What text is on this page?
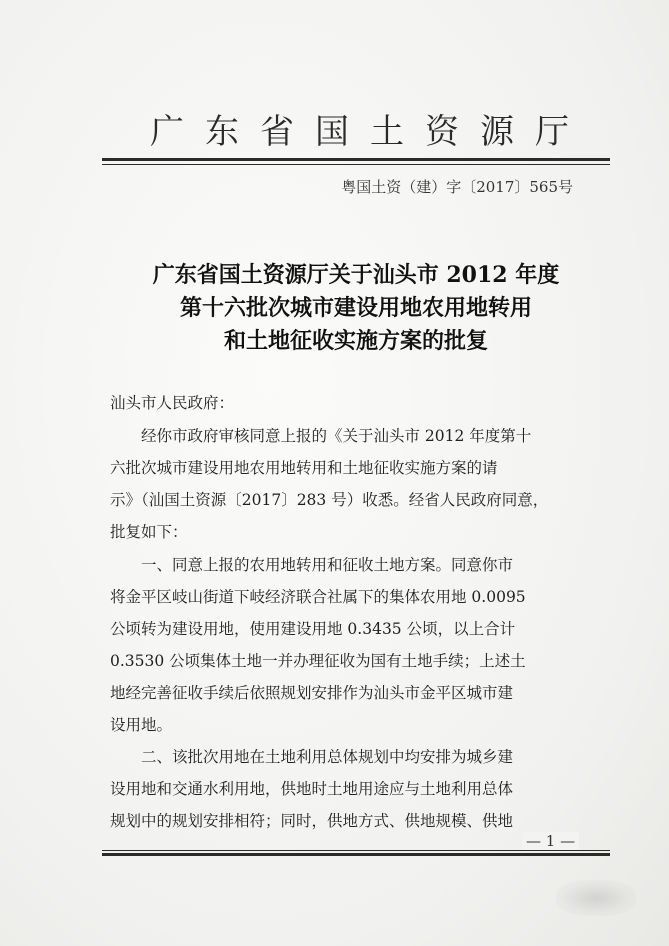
广东省国土资源厅
粤国土资（建）字〔2017〕565号
广东省国土资源厅关于汕头市 2012 年度
第十六批次城市建设用地农用地转用
和土地征收实施方案的批复
汕头市人民政府：
经你市政府审核同意上报的《关于汕头市 2012 年度第十
六批次城市建设用地农用地转用和土地征收实施方案的请
示》（汕国土资源〔2017〕283 号）收悉。经省人民政府同意，
批复如下：
一、同意上报的农用地转用和征收土地方案。同意你市
将金平区岐山街道下岐经济联合社属下的集体农用地 0.0095
公顷转为建设用地，使用建设用地 0.3435 公顷，以上合计
0.3530 公顷集体土地一并办理征收为国有土地手续；上述土
地经完善征收手续后依照规划安排作为汕头市金平区城市建
设用地。
二、该批次用地在土地利用总体规划中均安排为城乡建
设用地和交通水利用地，供地时土地用途应与土地利用总体
规划中的规划安排相符；同时，供地方式、供地规模、供地
— 1 —
